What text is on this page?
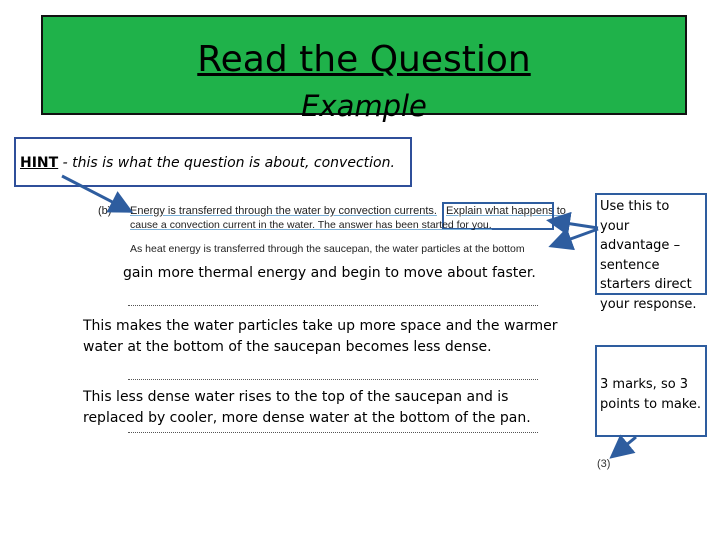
Read the Question
Example
HINT - this is what the question is about, convection.
(b) Energy is transferred through the water by convection currents. Explain what happens to
cause a convection current in the water. The answer has been started for you.
As heat energy is transferred through the saucepan, the water particles at the bottom
gain more thermal energy and begin to move about faster.
This makes the water particles take up more space and the warmer
water at the bottom of the saucepan becomes less dense.
This less dense water rises to the top of the saucepan and is
replaced by cooler, more dense water at the bottom of the pan.
Use this to your advantage – sentence starters direct your response.
3 marks, so 3 points to make.
(3)
